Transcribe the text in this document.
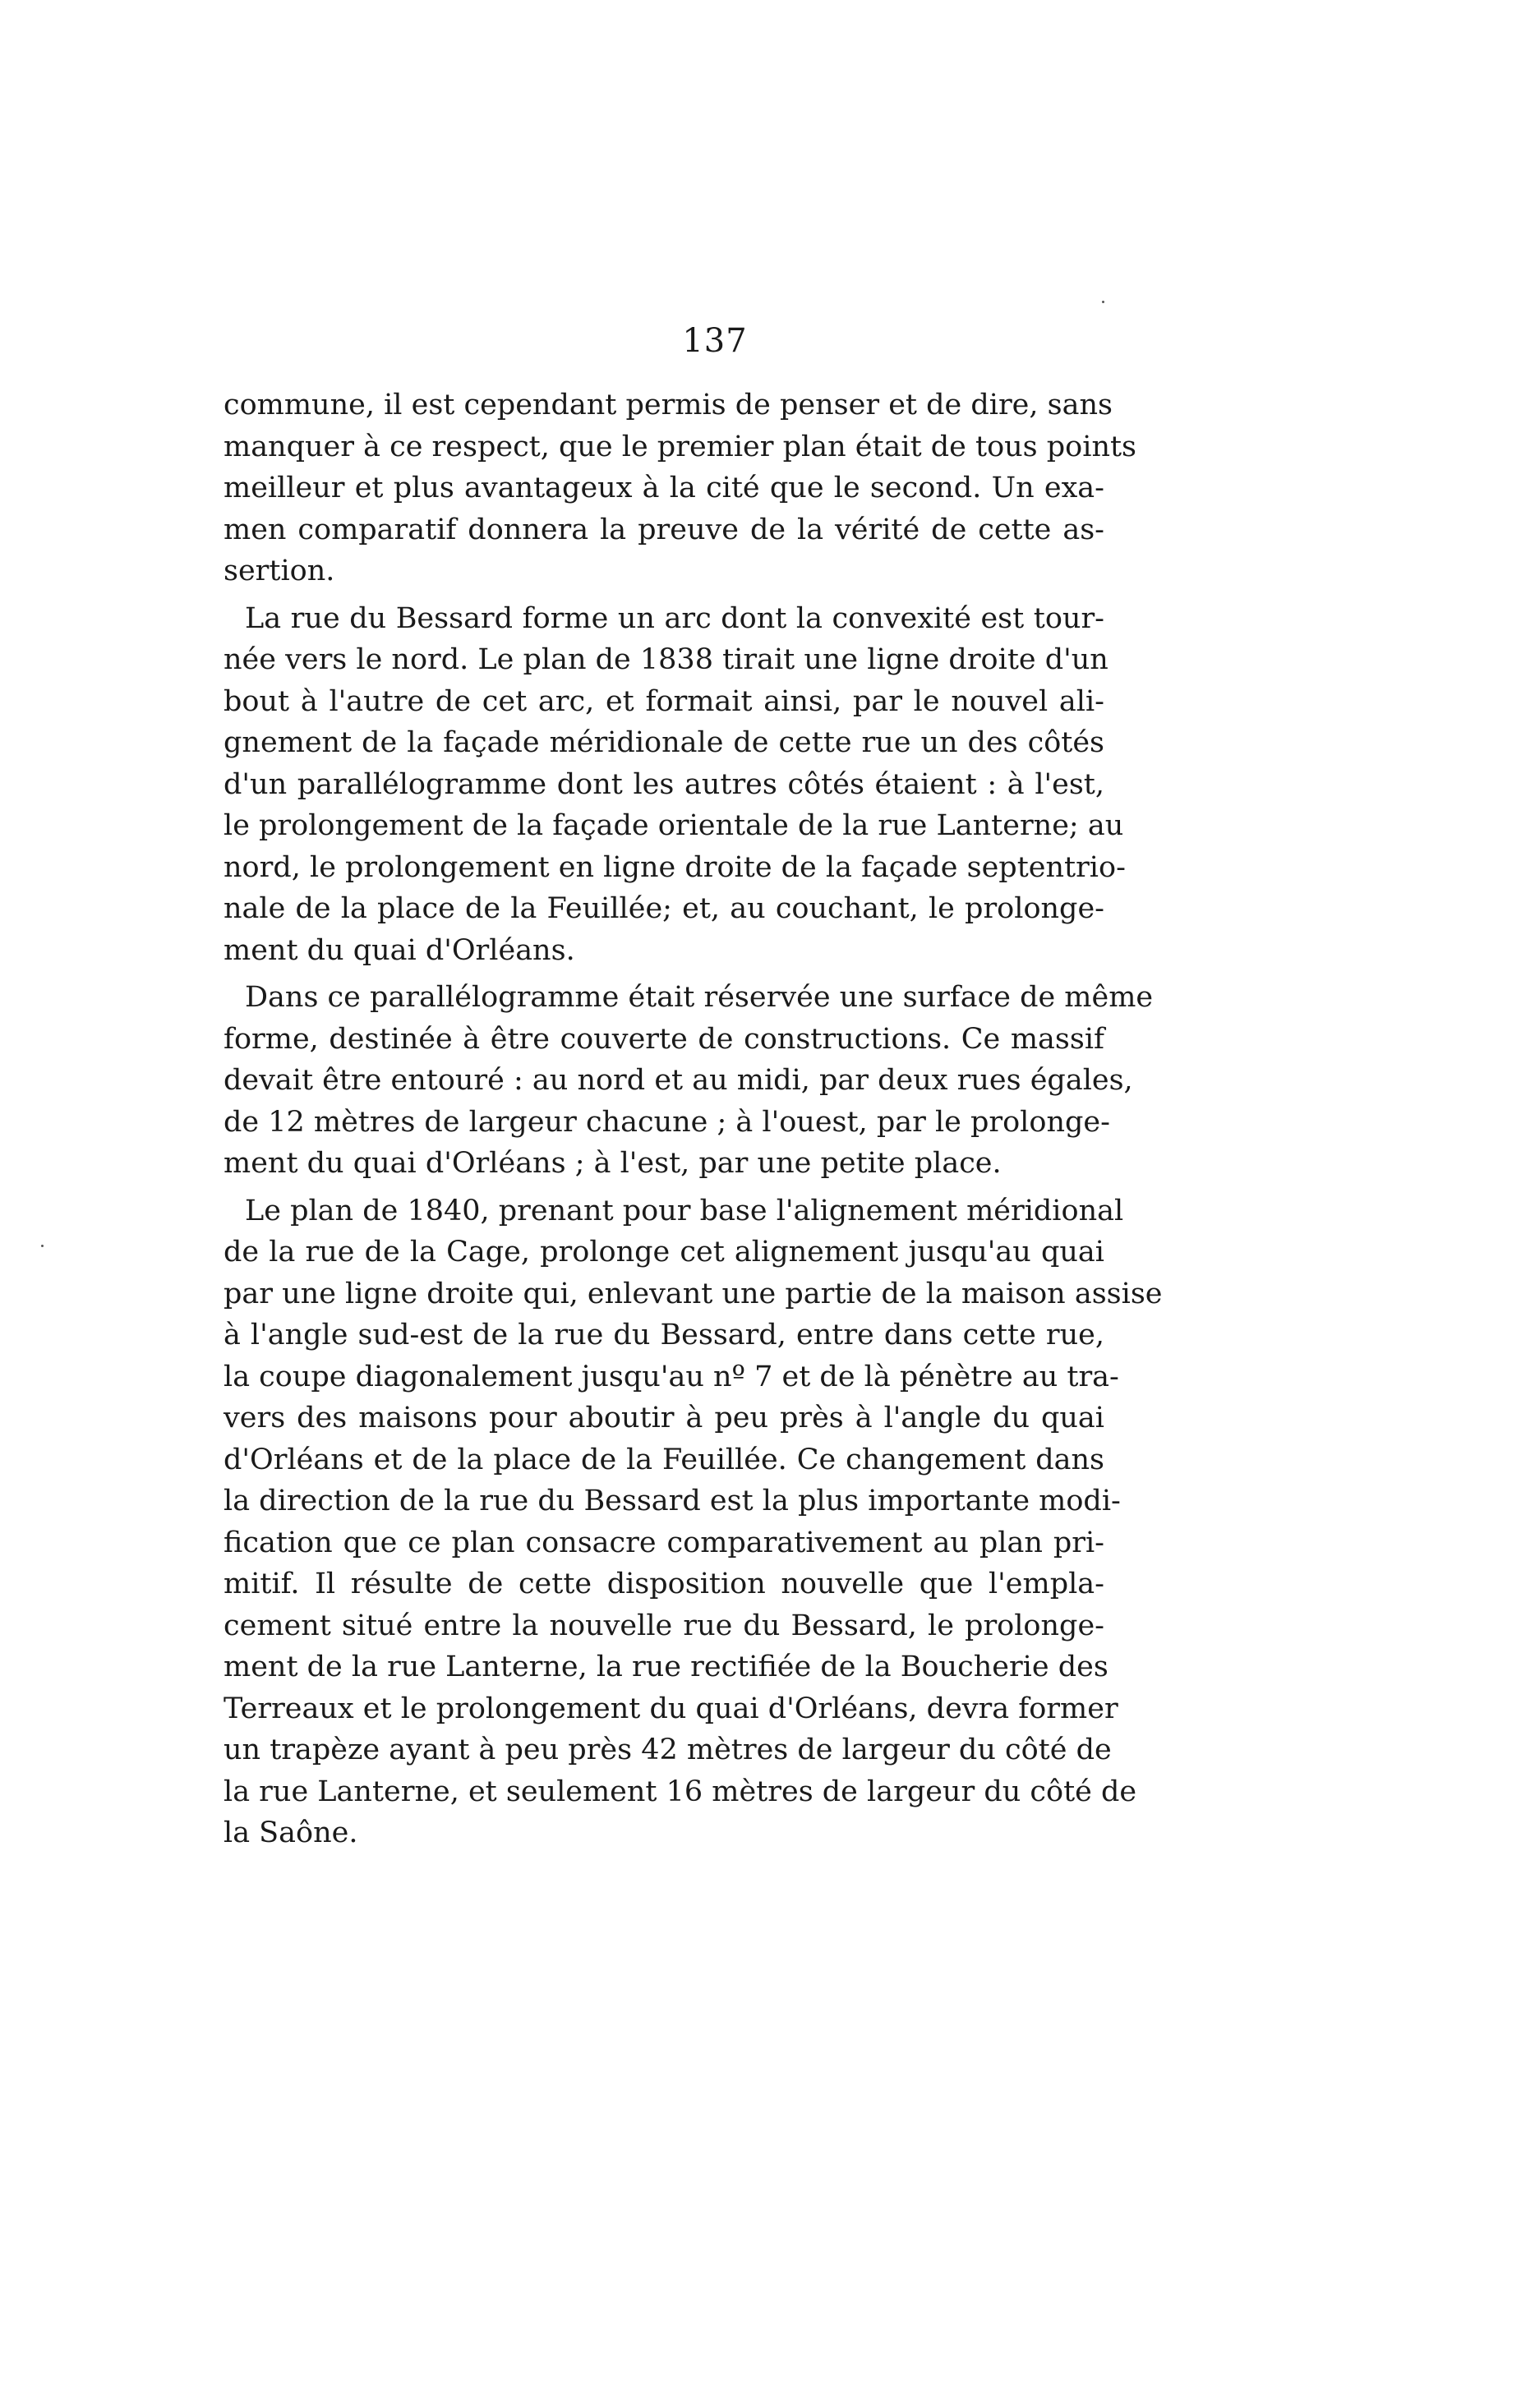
137
commune, il est cependant permis de penser et de dire, sans
manquer à ce respect, que le premier plan était de tous points
meilleur et plus avantageux à la cité que le second. Un exa-
men comparatif donnera la preuve de la vérité de cette as-
sertion.
La rue du Bessard forme un arc dont la convexité est tour-
née vers le nord. Le plan de 1838 tirait une ligne droite d'un
bout à l'autre de cet arc, et formait ainsi, par le nouvel ali-
gnement de la façade méridionale de cette rue un des côtés
d'un parallélogramme dont les autres côtés étaient : à l'est,
le prolongement de la façade orientale de la rue Lanterne; au
nord, le prolongement en ligne droite de la façade septentrio-
nale de la place de la Feuillée; et, au couchant, le prolonge-
ment du quai d'Orléans.
Dans ce parallélogramme était réservée une surface de même
forme, destinée à être couverte de constructions. Ce massif
devait être entouré : au nord et au midi, par deux rues égales,
de 12 mètres de largeur chacune ; à l'ouest, par le prolonge-
ment du quai d'Orléans ; à l'est, par une petite place.
Le plan de 1840, prenant pour base l'alignement méridional
de la rue de la Cage, prolonge cet alignement jusqu'au quai
par une ligne droite qui, enlevant une partie de la maison assise
à l'angle sud-est de la rue du Bessard, entre dans cette rue,
la coupe diagonalement jusqu'au nº 7 et de là pénètre au tra-
vers des maisons pour aboutir à peu près à l'angle du quai
d'Orléans et de la place de la Feuillée. Ce changement dans
la direction de la rue du Bessard est la plus importante modi-
fication que ce plan consacre comparativement au plan pri-
mitif. Il résulte de cette disposition nouvelle que l'empla-
cement situé entre la nouvelle rue du Bessard, le prolonge-
ment de la rue Lanterne, la rue rectifiée de la Boucherie des
Terreaux et le prolongement du quai d'Orléans, devra former
un trapèze ayant à peu près 42 mètres de largeur du côté de
la rue Lanterne, et seulement 16 mètres de largeur du côté de
la Saône.
